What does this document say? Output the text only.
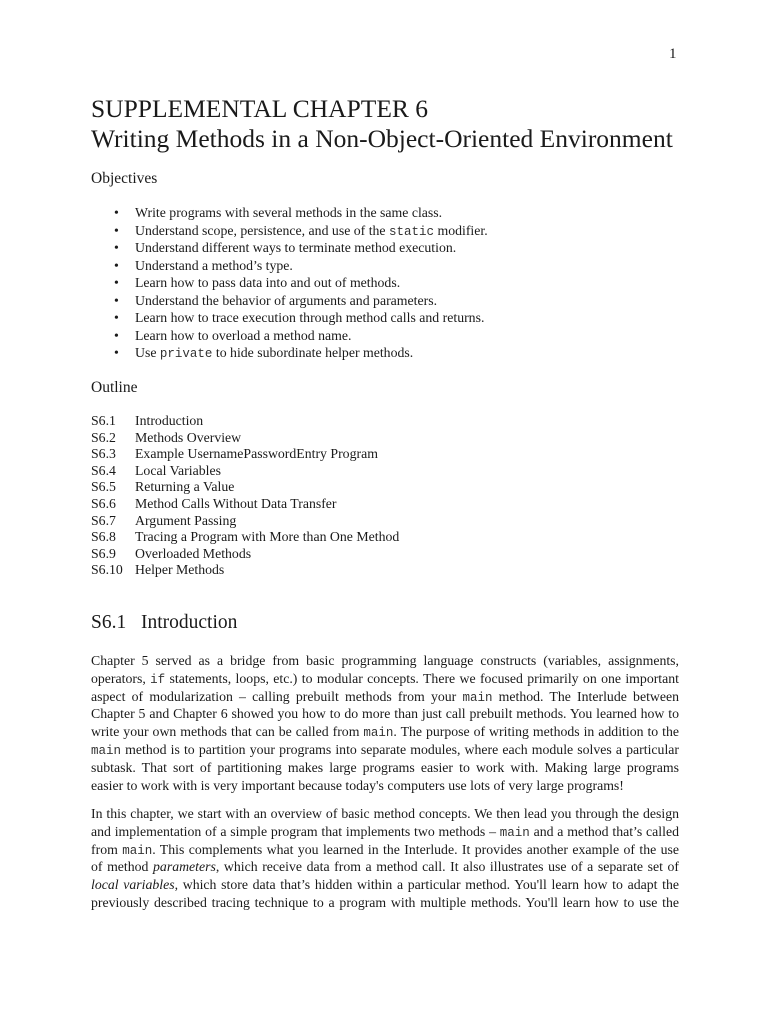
1
SUPPLEMENTAL CHAPTER 6
Writing Methods in a Non-Object-Oriented Environment
Objectives
• Write programs with several methods in the same class.
• Understand scope, persistence, and use of the static modifier.
• Understand different ways to terminate method execution.
• Understand a method’s type.
• Learn how to pass data into and out of methods.
• Understand the behavior of arguments and parameters.
• Learn how to trace execution through method calls and returns.
• Learn how to overload a method name.
• Use private to hide subordinate helper methods.
Outline
S6.1 Introduction
S6.2 Methods Overview
S6.3 Example UsernamePasswordEntry Program
S6.4 Local Variables
S6.5 Returning a Value
S6.6 Method Calls Without Data Transfer
S6.7 Argument Passing
S6.8 Tracing a Program with More than One Method
S6.9 Overloaded Methods
S6.10 Helper Methods
S6.1 Introduction

Chapter 5 served as a bridge from basic programming language constructs (variables, assignments,
operators, if statements, loops, etc.) to modular concepts. There we focused primarily on one important
aspect of modularization – calling prebuilt methods from your main method. The Interlude between
Chapter 5 and Chapter 6 showed you how to do more than just call prebuilt methods. You learned how to
write your own methods that can be called from main. The purpose of writing methods in addition to the
main method is to partition your programs into separate modules, where each module solves a particular
subtask. That sort of partitioning makes large programs easier to work with. Making large programs
easier to work with is very important because today's computers use lots of very large programs!

In this chapter, we start with an overview of basic method concepts. We then lead you through the design
and implementation of a simple program that implements two methods – main and a method that’s called
from main. This complements what you learned in the Interlude. It provides another example of the use
of method parameters, which receive data from a method call. It also illustrates use of a separate set of
local variables, which store data that’s hidden within a particular method. You'll learn how to adapt the
previously described tracing technique to a program with multiple methods. You'll learn how to use the
